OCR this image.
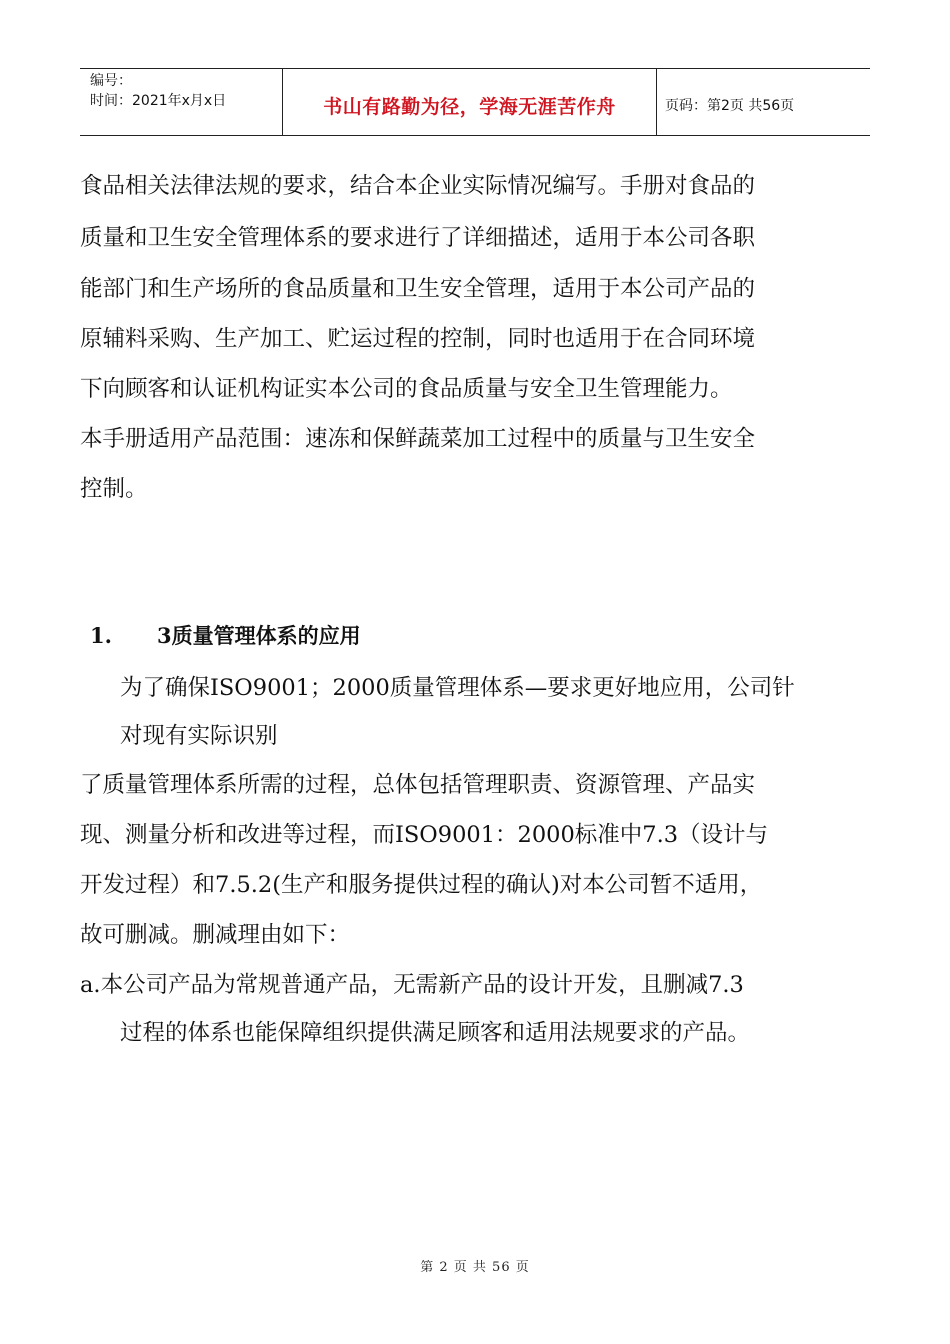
编号：
时间：2021年x月x日	书山有路勤为径，学海无涯苦作舟	页码：第2页 共56页
食品相关法律法规的要求，结合本企业实际情况编写。手册对食品的
质量和卫生安全管理体系的要求进行了详细描述，适用于本公司各职
能部门和生产场所的食品质量和卫生安全管理，适用于本公司产品的
原辅料采购、生产加工、贮运过程的控制，同时也适用于在合同环境
下向顾客和认证机构证实本公司的食品质量与安全卫生管理能力。
本手册适用产品范围：速冻和保鲜蔬菜加工过程中的质量与卫生安全
控制。
1. 3质量管理体系的应用
为了确保ISO9001；2000质量管理体系—要求更好地应用，公司针
对现有实际识别
了质量管理体系所需的过程，总体包括管理职责、资源管理、产品实
现、测量分析和改进等过程，而ISO9001：2000标准中7.3（设计与
开发过程）和7.5.2(生产和服务提供过程的确认)对本公司暂不适用，
故可删减。删减理由如下：
a.本公司产品为常规普通产品，无需新产品的设计开发，且删减7.3
过程的体系也能保障组织提供满足顾客和适用法规要求的产品。
第 2 页 共 56 页
